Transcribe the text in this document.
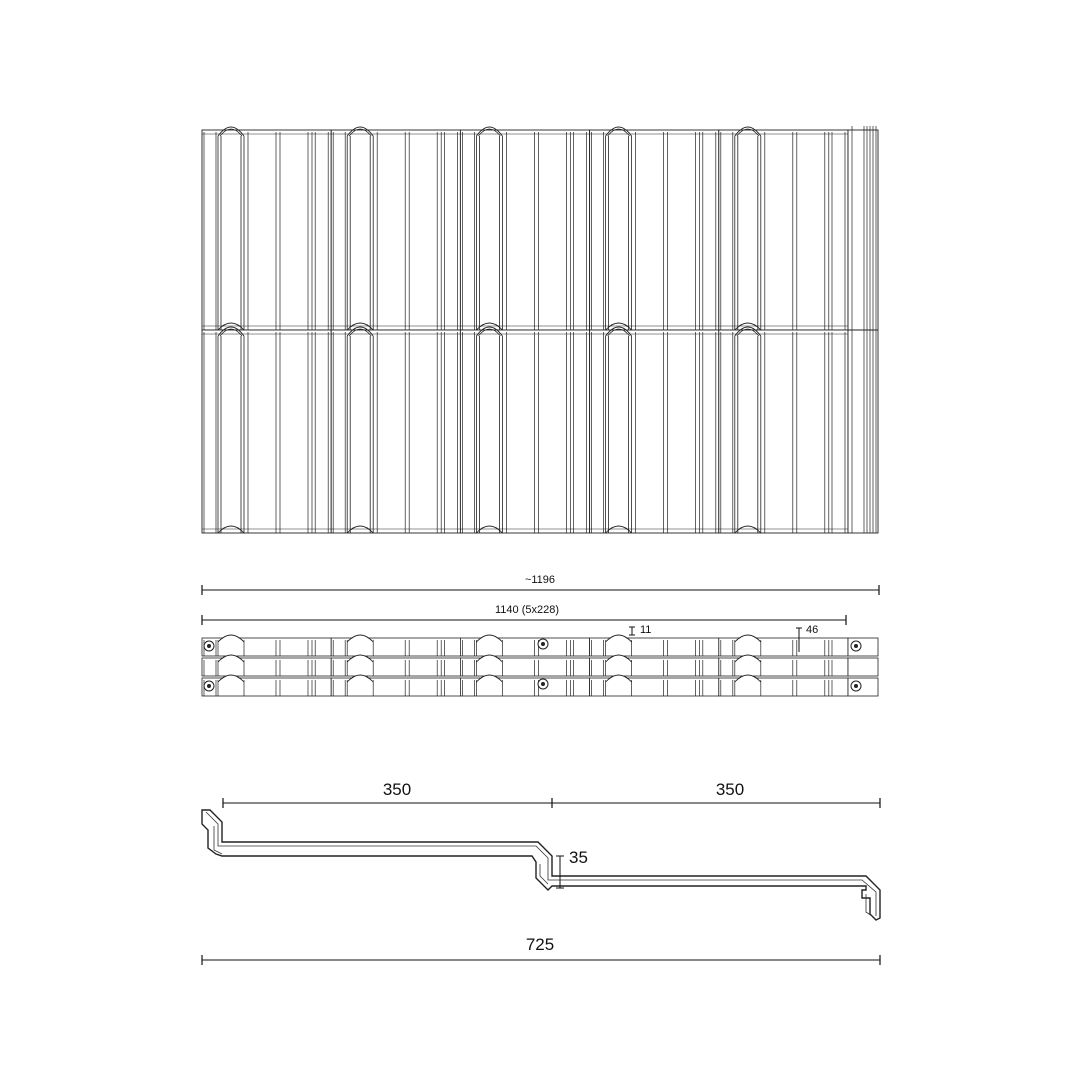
~1196
1140 (5x228)
11	46
350	350
35
725
